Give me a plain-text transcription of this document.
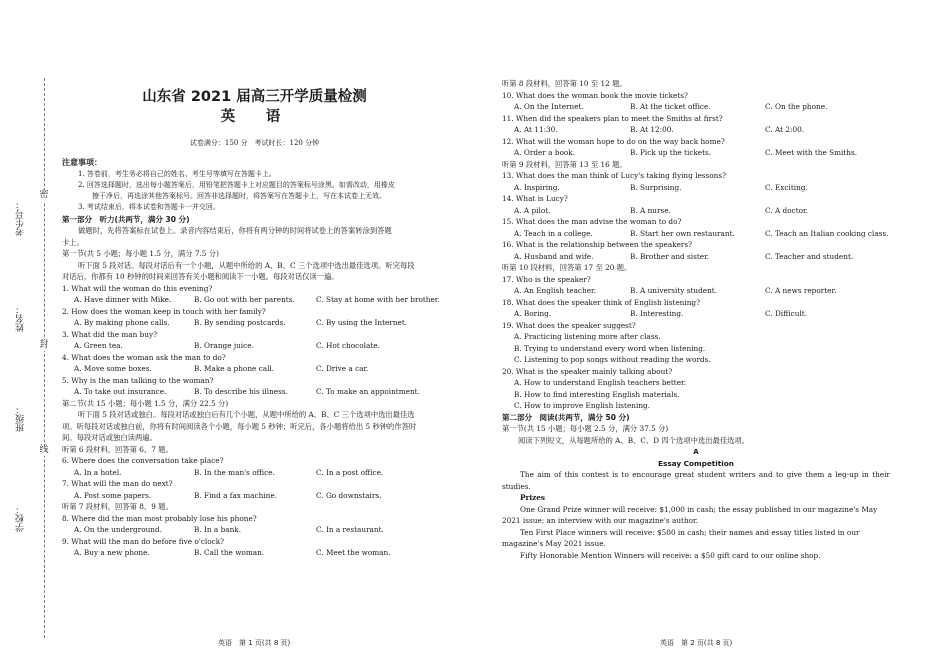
密
封
线
考生号：
姓名：
班级：
学校：
山东省 2021 届高三开学质量检测
英　语
试卷满分：150 分　考试时长：120 分钟
注意事项：
1. 答卷前，考生务必将自己的姓名、考生号等填写在答题卡上。
2. 回答选择题时，选出每小题答案后，用铅笔把答题卡上对应题目的答案标号涂黑。如需改动，用橡皮
擦干净后，再选涂其他答案标号。回答非选择题时，将答案写在答题卡上，写在本试卷上无效。
3. 考试结束后，将本试卷和答题卡一并交回。
第一部分　听力(共两节，满分 30 分)
做题时，先将答案标在试卷上。录音内容结束后，你将有两分钟的时间将试卷上的答案转涂到答题
卡上。
第一节(共 5 小题；每小题 1.5 分，满分 7.5 分)
听下面 5 段对话。每段对话后有一个小题，从题中所给的 A、B、C 三个选项中选出最佳选项。听完每段
对话后，你都有 10 秒钟的时间来回答有关小题和阅读下一小题。每段对话仅读一遍。
1. What will the woman do this evening?
A. Have dinner with Mike.	B. Go out with her parents.	C. Stay at home with her brother.
2. How does the woman keep in touch with her family?
A. By making phone calls.	B. By sending postcards.	C. By using the Internet.
3. What did the man buy?
A. Green tea.	B. Orange juice.	C. Hot chocolate.
4. What does the woman ask the man to do?
A. Move some boxes.	B. Make a phone call.	C. Drive a car.
5. Why is the man talking to the woman?
A. To take out insurance.	B. To describe his illness.	C. To make an appointment.
第二节(共 15 小题；每小题 1.5 分，满分 22.5 分)
听下面 5 段对话或独白。每段对话或独白后有几个小题，从题中所给的 A、B、C 三个选项中选出最佳选
项。听每段对话或独白前，你将有时间阅读各个小题，每小题 5 秒钟；听完后，各小题将给出 5 秒钟的作答时
间。每段对话或独白读两遍。
听第 6 段材料，回答第 6、7 题。
6. Where does the conversation take place?
A. In a hotel.	B. In the man's office.	C. In a post office.
7. What will the man do next?
A. Post some papers.	B. Find a fax machine.	C. Go downstairs.
听第 7 段材料，回答第 8、9 题。
8. Where did the man most probably lose his phone?
A. On the underground.	B. In a bank.	C. In a restaurant.
9. What will the man do before five o'clock?
A. Buy a new phone.	B. Call the woman.	C. Meet the woman.
英语　第 1 页(共 8 页)
听第 8 段材料，回答第 10 至 12 题。
10. What does the woman book the movie tickets?
A. On the Internet.	B. At the ticket office.	C. On the phone.
11. When did the speakers plan to meet the Smiths at first?
A. At 11:30.	B. At 12:00.	C. At 2:00.
12. What will the woman hope to do on the way back home?
A. Order a book.	B. Pick up the tickets.	C. Meet with the Smiths.
听第 9 段材料，回答第 13 至 16 题。
13. What does the man think of Lucy's taking flying lessons?
A. Inspiring.	B. Surprising.	C. Exciting.
14. What is Lucy?
A. A pilot.	B. A nurse.	C. A doctor.
15. What does the man advise the woman to do?
A. Teach in a college.	B. Start her own restaurant.	C. Teach an Italian cooking class.
16. What is the relationship between the speakers?
A. Husband and wife.	B. Brother and sister.	C. Teacher and student.
听第 10 段材料，回答第 17 至 20 题。
17. Who is the speaker?
A. An English teacher.	B. A university student.	C. A news reporter.
18. What does the speaker think of English listening?
A. Boring.	B. Interesting.	C. Difficult.
19. What does the speaker suggest?
A. Practicing listening more after class.
B. Trying to understand every word when listening.
C. Listening to pop songs without reading the words.
20. What is the speaker mainly talking about?
A. How to understand English teachers better.
B. How to find interesting English materials.
C. How to improve English listening.
第二部分　阅读(共两节，满分 50 分)
第一节(共 15 小题；每小题 2.5 分，满分 37.5 分)
阅读下列短文，从每题所给的 A、B、C、D 四个选项中选出最佳选项。
A
Essay Competition
The aim of this contest is to encourage great student writers and to give them a leg-up in their studies.
Prizes
One Grand Prize winner will receive: $1,000 in cash; the essay published in our magazine's May
2021 issue; an interview with our magazine's author.
Ten First Place winners will receive: $500 in cash; their names and essay titles listed in our
magazine's May 2021 issue.
Fifty Honorable Mention Winners will receive: a $50 gift card to our online shop.
英语　第 2 页(共 8 页)
